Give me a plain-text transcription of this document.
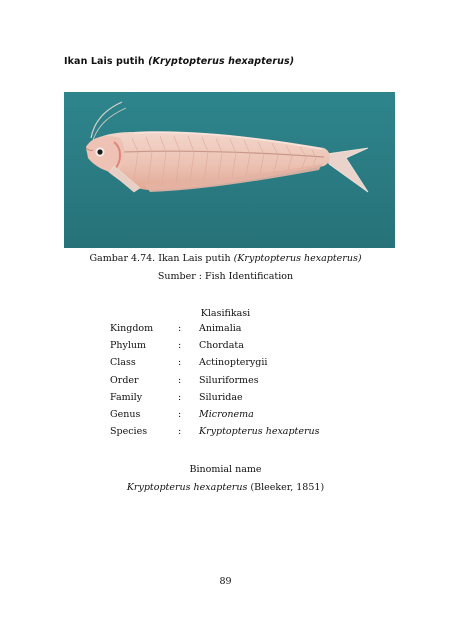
Ikan Lais putih (Kryptopterus hexapterus)
Gambar 4.74. Ikan Lais putih (Kryptopterus hexapterus)
Sumber : Fish Identification
Klasifikasi
Kingdom	:	Animalia
Phylum	:	Chordata
Class	:	Actinopterygii
Order	:	Siluriformes
Family	:	Siluridae
Genus	:	Micronema
Species	:	Kryptopterus hexapterus
Binomial name
Kryptopterus hexapterus (Bleeker, 1851)
89
